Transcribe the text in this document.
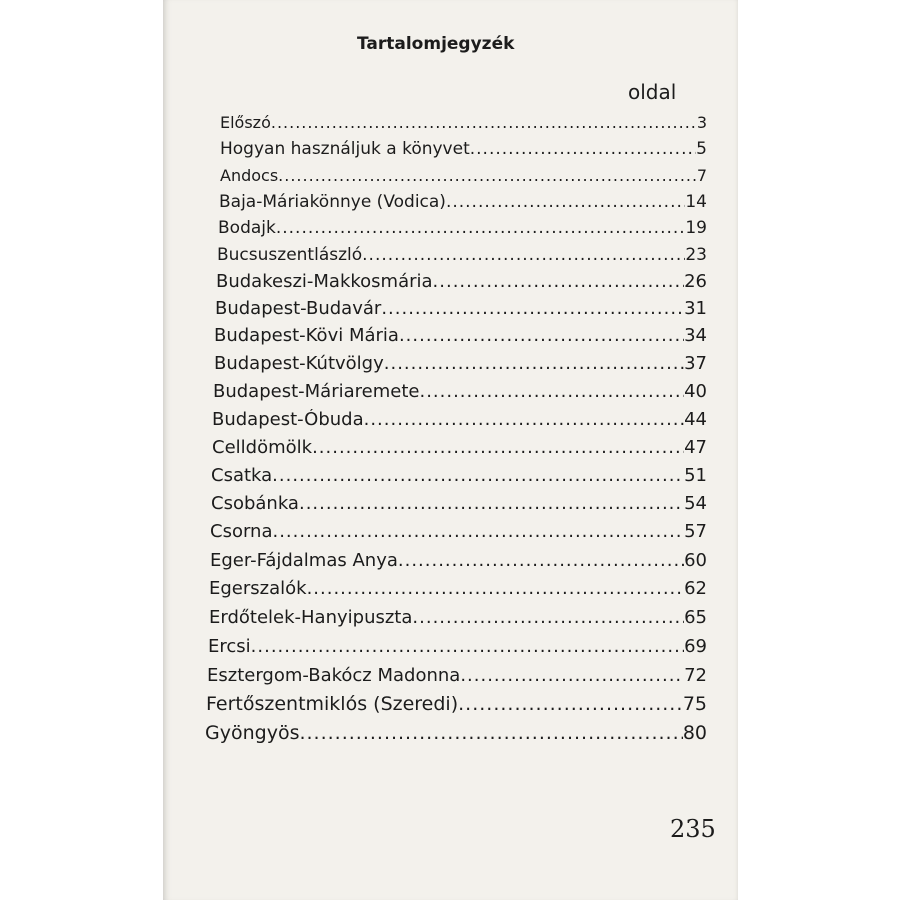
Tartalomjegyzék
oldal
Előszó .....	3
Hogyan használjuk a könyvet .....	5
Andocs .....	7
Baja-Máriakönnye (Vodica) .....	14
Bodajk .....	19
Bucsuszentlászló .....	23
Budakeszi-Makkosmária .....	26
Budapest-Budavár .....	31
Budapest-Kövi Mária .....	34
Budapest-Kútvölgy .....	37
Budapest-Máriaremete .....	40
Budapest-Óbuda .....	44
Celldömölk .....	47
Csatka .....	51
Csobánka .....	54
Csorna .....	57
Eger-Fájdalmas Anya .....	60
Egerszalók .....	62
Erdőtelek-Hanyipuszta .....	65
Ercsi .....	69
Esztergom-Bakócz Madonna .....	72
Fertőszentmiklós (Szeredi) .....	75
Gyöngyös .....	80
235
